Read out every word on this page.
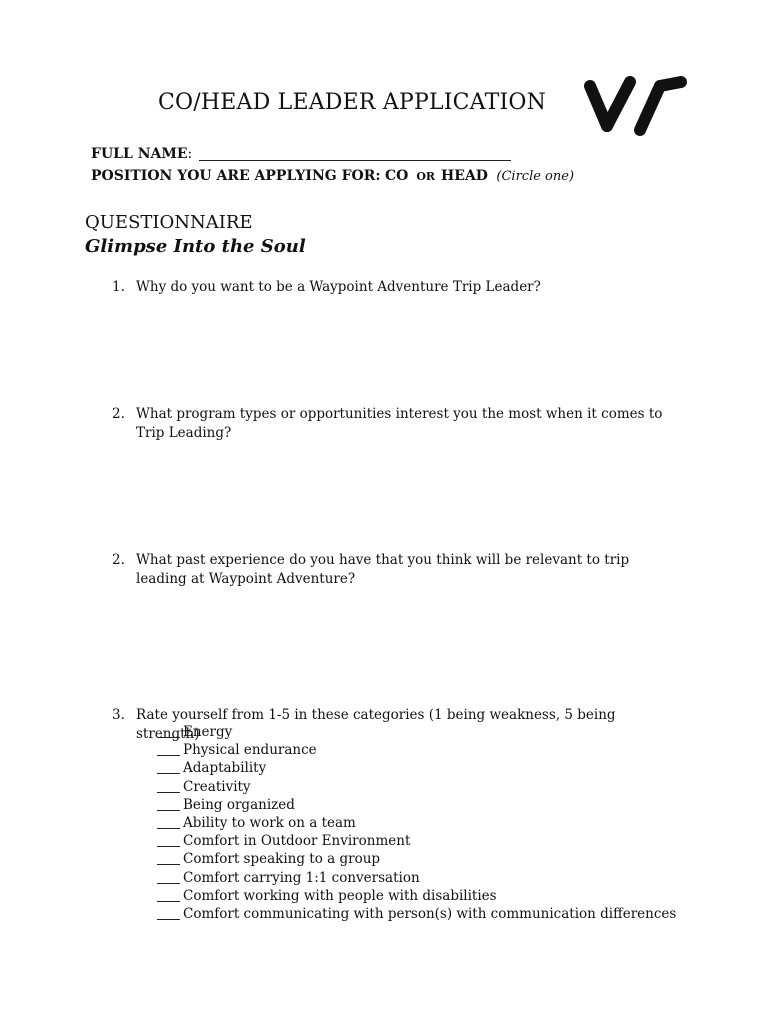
CO/HEAD LEADER APPLICATION
FULL NAME:
POSITION YOU ARE APPLYING FOR: CO OR HEAD (Circle one)
QUESTIONNAIRE
Glimpse Into the Soul
1. Why do you want to be a Waypoint Adventure Trip Leader?
2. What program types or opportunities interest you the most when it comes to Trip Leading?
2. What past experience do you have that you think will be relevant to trip leading at Waypoint Adventure?
3. Rate yourself from 1-5 in these categories (1 being weakness, 5 being strength)
Energy
Physical endurance
Adaptability
Creativity
Being organized
Ability to work on a team
Comfort in Outdoor Environment
Comfort speaking to a group
Comfort carrying 1:1 conversation
Comfort working with people with disabilities
Comfort communicating with person(s) with communication differences
